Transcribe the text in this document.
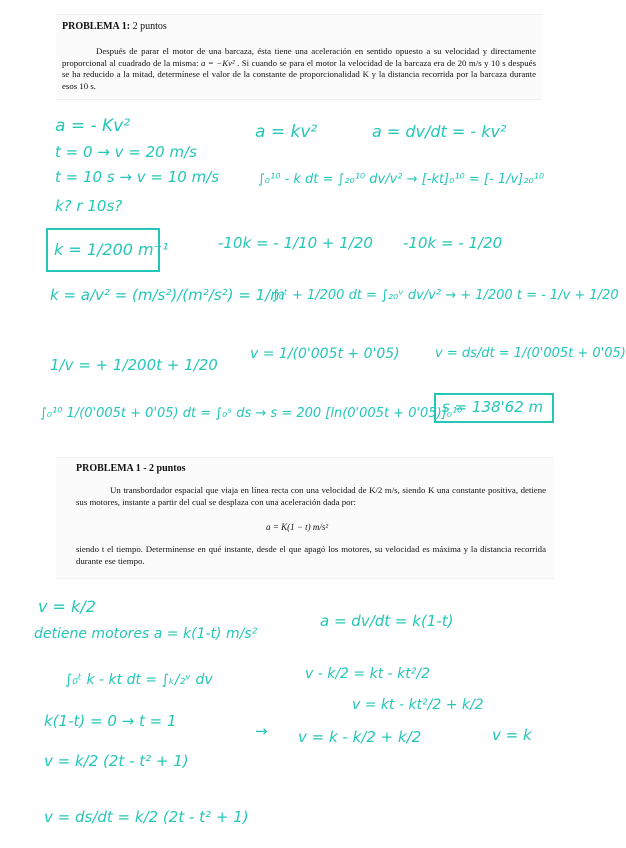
PROBLEMA 1: 2 puntos
Después de parar el motor de una barcaza, ésta tiene una aceleración en sentido opuesto a su velocidad y directamente proporcional al cuadrado de la misma: a = −Kv² . Si cuando se para el motor la velocidad de la barcaza era de 20 m/s y 10 s después se ha reducido a la mitad, determínese el valor de la constante de proporcionalidad K y la distancia recorrida por la barcaza durante esos 10 s.
a = - Kv²
t = 0 → v = 20 m/s
t = 10 s → v = 10 m/s
k? r 10s?
a = kv²	a = dv/dt = - kv²
∫₀¹⁰ - k dt = ∫₂₀¹⁰ dv/v² → [-kt]₀¹⁰ = [- 1/v]₂₀¹⁰
k = 1/200 m⁻¹	-10k = - 1/10 + 1/20 -10k = - 1/20
k = a/v² = (m/s²)/(m²/s²) = 1/m
∫₀ᵗ + 1/200 dt = ∫₂₀ᵛ dv/v² → + 1/200 t = - 1/v + 1/20
1/v = + 1/200t + 1/20
v = 1/(0'005t + 0'05)	v = ds/dt = 1/(0'005t + 0'05)
∫₀¹⁰ 1/(0'005t + 0'05) dt = ∫₀ˢ ds → s = 200 [ln(0'005t + 0'05)]₀¹⁰
s = 138'62 m
PROBLEMA 1 - 2 puntos
Un transbordador espacial que viaja en línea recta con una velocidad de K/2 m/s, siendo K una constante positiva, detiene sus motores, instante a partir del cual se desplaza con una aceleración dada por:
a = K(1 − t) m/s²
siendo t el tiempo. Determínense en qué instante, desde el que apagó los motores, su velocidad es máxima y la distancia recorrida durante ese tiempo.
v = k/2
detiene motores a = k(1-t) m/s²
a = dv/dt = k(1-t)
∫₀ᵗ k - kt dt = ∫ₖ/₂ᵛ dv	v - k/2 = kt - kt²/2
v = kt - kt²/2 + k/2
k(1-t) = 0 → t = 1
→ v = k - k/2 + k/2	v = k
v = k/2 (2t - t² + 1)
v = ds/dt = k/2 (2t - t² + 1)
